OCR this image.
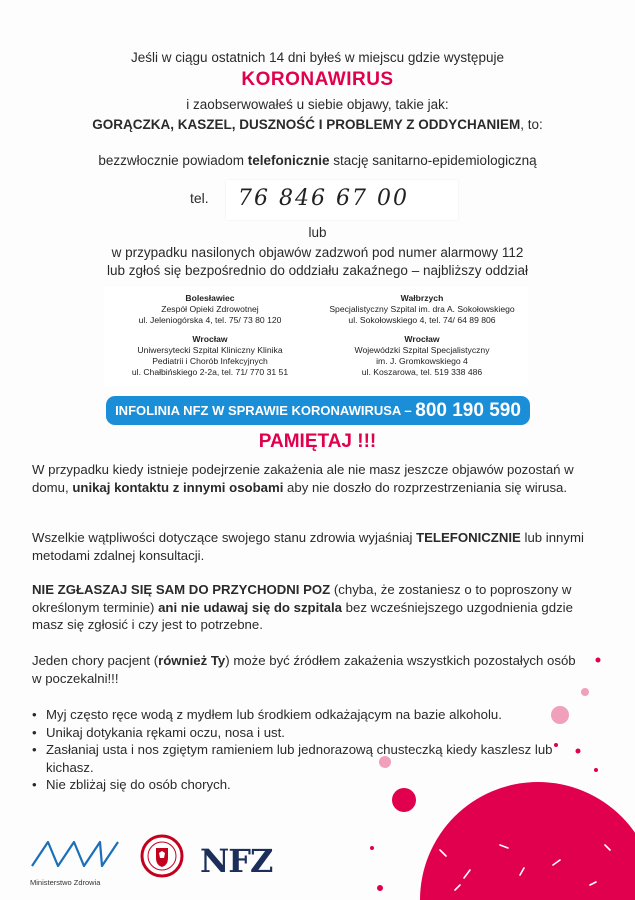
Jeśli w ciągu ostatnich 14 dni byłeś w miejscu gdzie występuje
KORONAWIRUS
i zaobserwowałeś u siebie objawy, takie jak:
GORĄCZKA, KASZEL, DUSZNOŚĆ I PROBLEMY Z ODDYCHANIEM, to:
bezzwłocznie powiadom telefonicznie stację sanitarno-epidemiologiczną
tel. 76 846 67 00
lub
w przypadku nasilonych objawów zadzwoń pod numer alarmowy 112
lub zgłoś się bezpośrednio do oddziału zakaźnego – najbliższy oddział
Bolesławiec
Zespół Opieki Zdrowotnej
ul. Jeleniogórska 4, tel. 75/ 73 80 120
Wałbrzych
Specjalistyczny Szpital im. dra A. Sokołowskiego
ul. Sokołowskiego 4, tel. 74/ 64 89 806
Wrocław
Uniwersytecki Szpital Kliniczny Klinika
Pediatrii i Chorób Infekcyjnych
ul. Chałbińskiego 2-2a, tel. 71/ 770 31 51
Wrocław
Wojewódzki Szpital Specjalistyczny
im. J. Gromkowskiego 4
ul. Koszarowa, tel. 519 338 486
INFOLINIA NFZ W SPRAWIE KORONAWIRUSA – 800 190 590
PAMIĘTAJ !!!
W przypadku kiedy istnieje podejrzenie zakażenia ale nie masz jeszcze objawów pozostań w domu, unikaj kontaktu z innymi osobami aby nie doszło do rozprzestrzeniania się wirusa.
Wszelkie wątpliwości dotyczące swojego stanu zdrowia wyjaśniaj TELEFONICZNIE lub innymi metodami zdalnej konsultacji.
NIE ZGŁASZAJ SIĘ SAM DO PRZYCHODNI POZ (chyba, że zostaniesz o to poproszony w określonym terminie) ani nie udawaj się do szpitala bez wcześniejszego uzgodnienia gdzie masz się zgłosić i czy jest to potrzebne.
Jeden chory pacjent (również Ty) może być źródłem zakażenia wszystkich pozostałych osób w poczekalni!!!
• Myj często ręce wodą z mydłem lub środkiem odkażającym na bazie alkoholu.
• Unikaj dotykania rękami oczu, nosa i ust.
• Zasłaniaj usta i nos zgiętym ramieniem lub jednorazową chusteczką kiedy kaszlesz lub kichasz.
• Nie zbliżaj się do osób chorych.
Ministerstwo Zdrowia
NFZ
